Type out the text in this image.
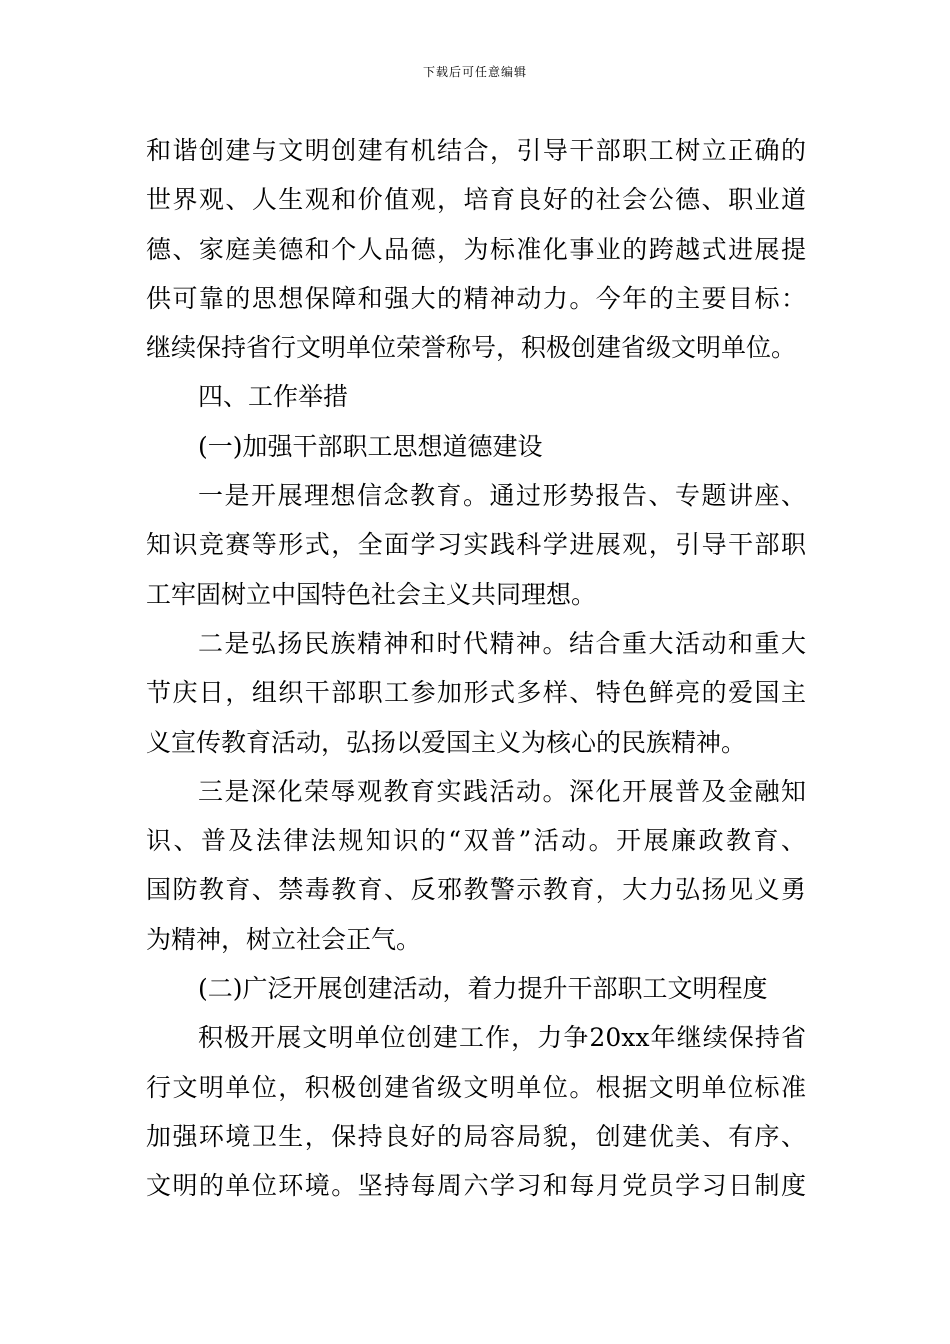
下载后可任意编辑
和谐创建与文明创建有机结合，引导干部职工树立正确的
世界观、人生观和价值观，培育良好的社会公德、职业道
德、家庭美德和个人品德，为标准化事业的跨越式进展提
供可靠的思想保障和强大的精神动力。今年的主要目标：
继续保持省行文明单位荣誉称号，积极创建省级文明单位。
四、工作举措
(一)加强干部职工思想道德建设
一是开展理想信念教育。通过形势报告、专题讲座、
知识竞赛等形式，全面学习实践科学进展观，引导干部职
工牢固树立中国特色社会主义共同理想。
二是弘扬民族精神和时代精神。结合重大活动和重大
节庆日，组织干部职工参加形式多样、特色鲜亮的爱国主
义宣传教育活动，弘扬以爱国主义为核心的民族精神。
三是深化荣辱观教育实践活动。深化开展普及金融知
识、普及法律法规知识的“双普”活动。开展廉政教育、
国防教育、禁毒教育、反邪教警示教育，大力弘扬见义勇
为精神，树立社会正气。
(二)广泛开展创建活动，着力提升干部职工文明程度
积极开展文明单位创建工作，力争20xx年继续保持省
行文明单位，积极创建省级文明单位。根据文明单位标准
加强环境卫生，保持良好的局容局貌，创建优美、有序、
文明的单位环境。坚持每周六学习和每月党员学习日制度
